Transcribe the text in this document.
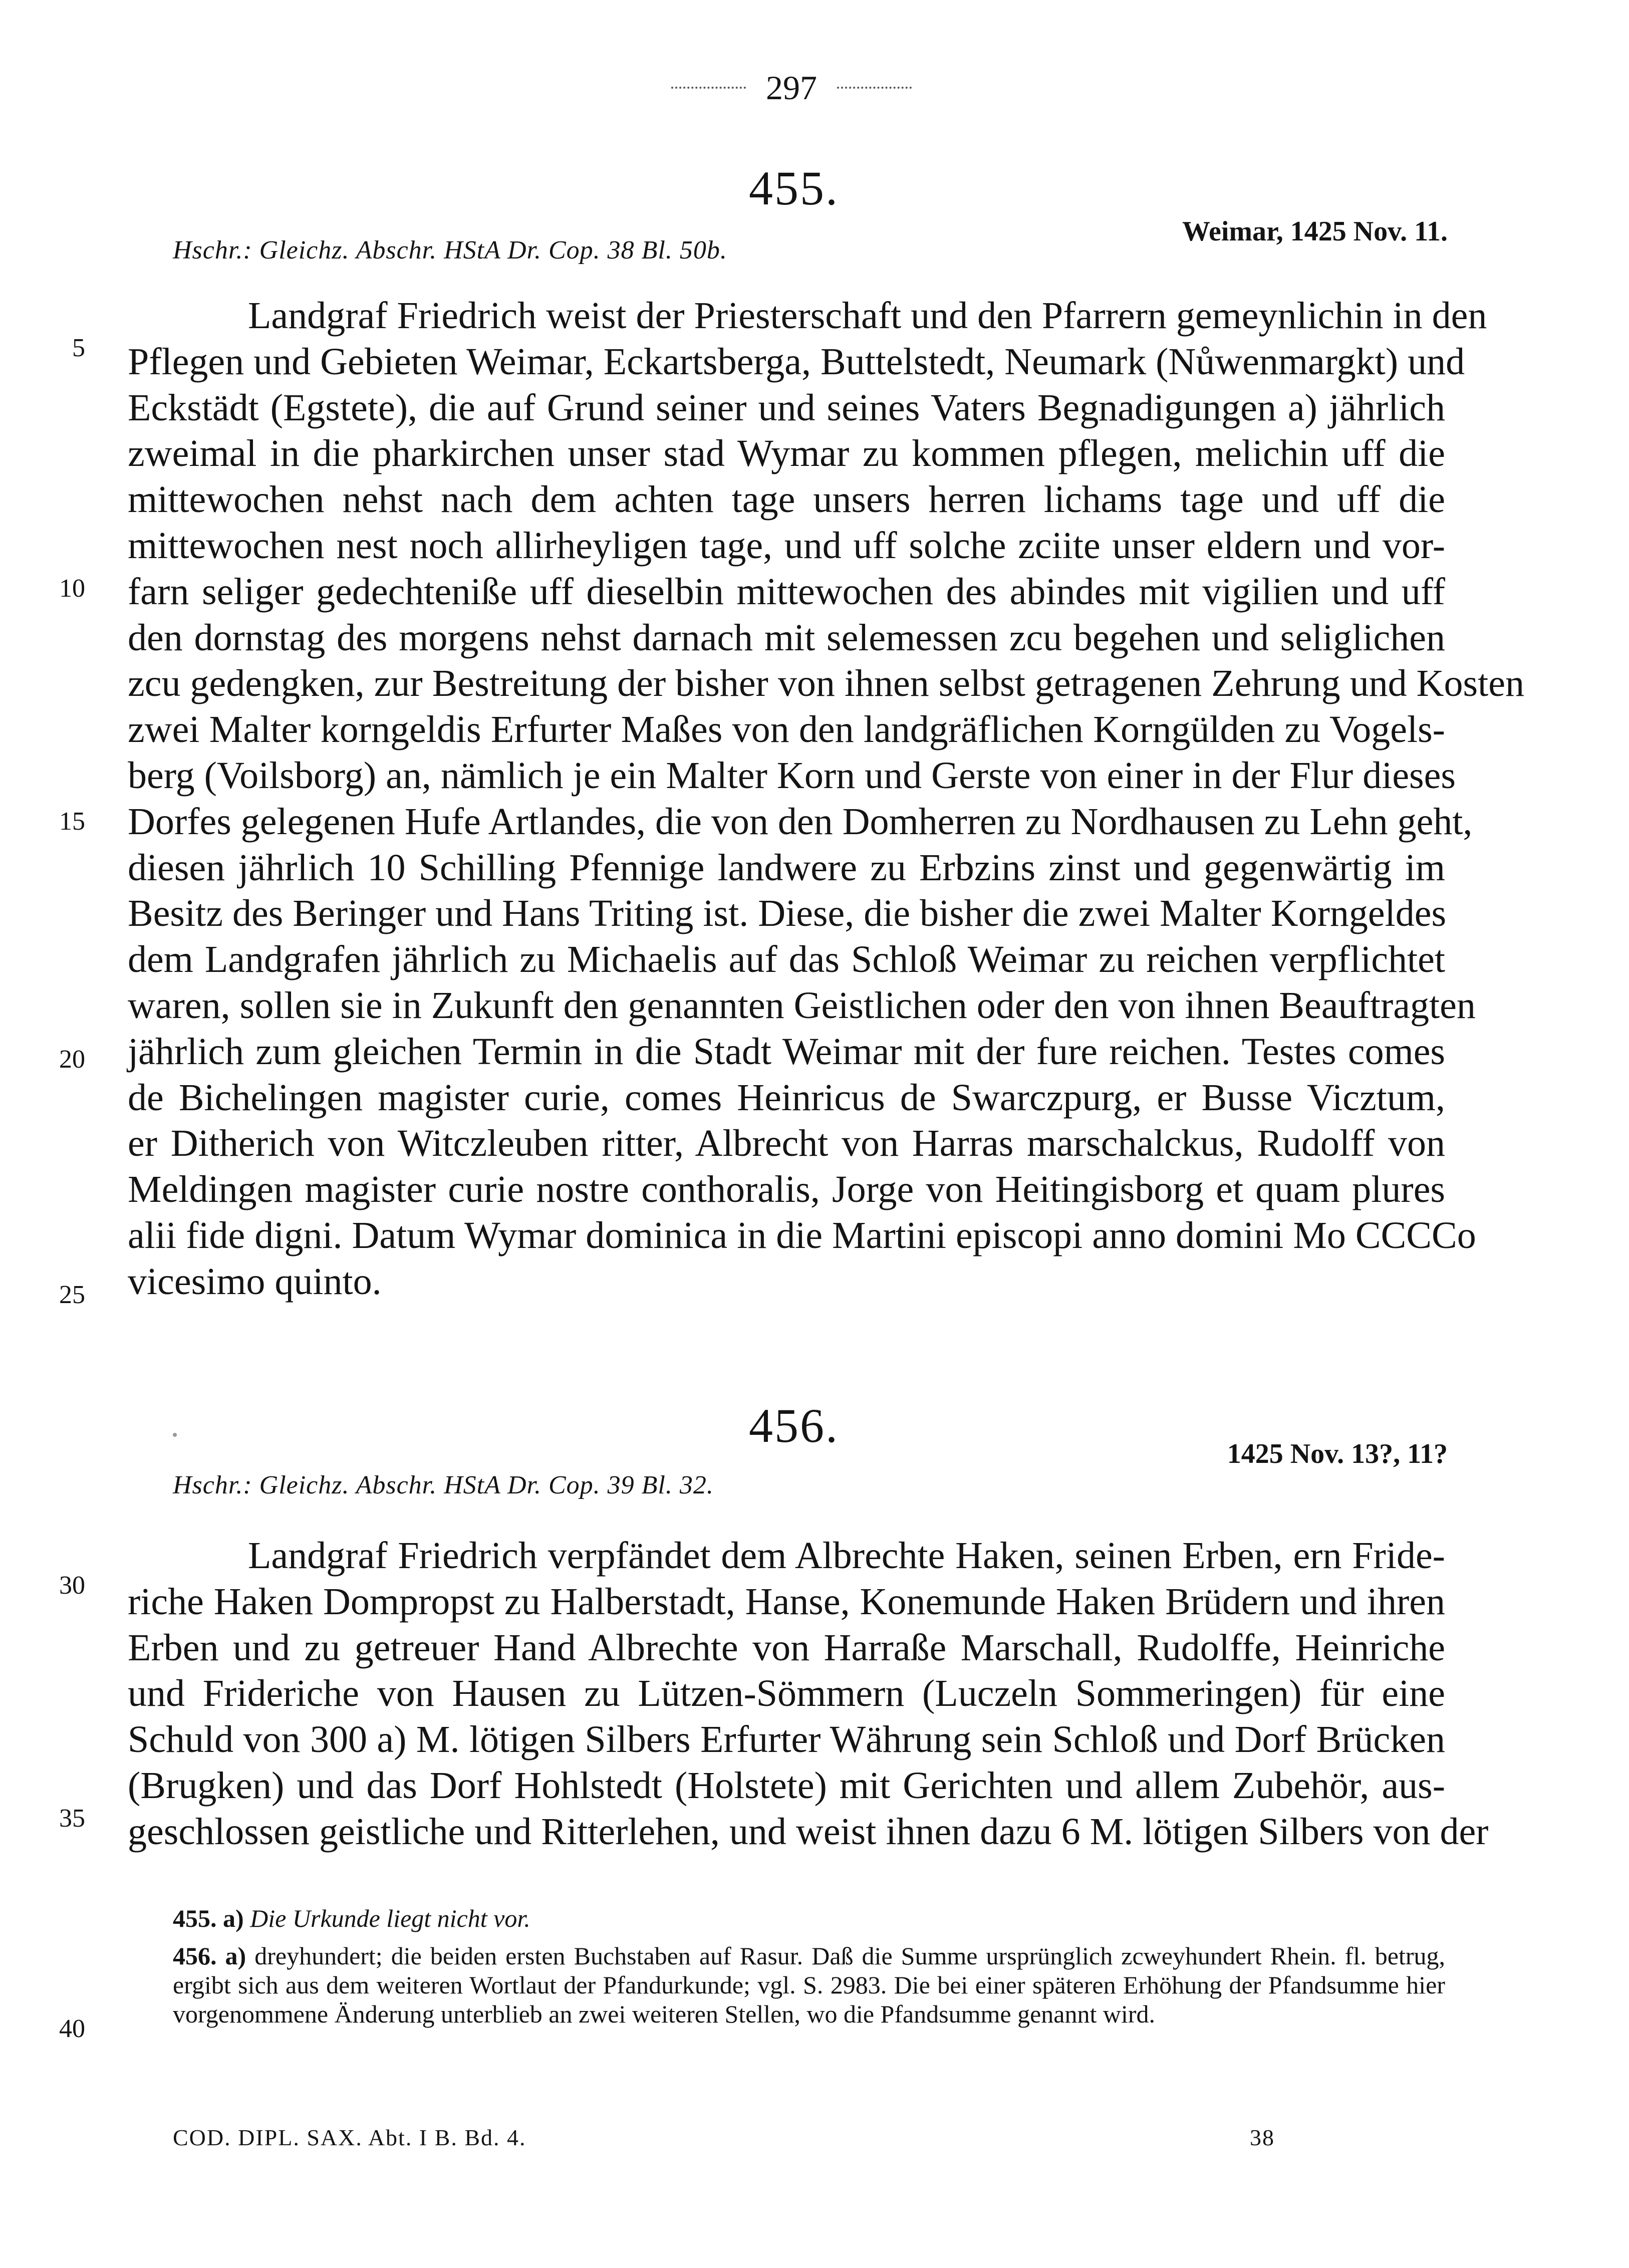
297
455.
Hschr.: Gleichz. Abschr. HStA Dr. Cop. 38 Bl. 50b.
Weimar, 1425 Nov. 11.
Landgraf Friedrich weist der Priesterschaft und den Pfarrern gemeynlichin in den
Pflegen und Gebieten Weimar, Eckartsberga, Buttelstedt, Neumark (Nůwenmargkt) und
Eckstädt (Egstete), die auf Grund seiner und seines Vaters Begnadigungen a) jährlich
zweimal in die pharkirchen unser stad Wymar zu kommen pflegen, melichin uff die
mittewochen nehst nach dem achten tage unsers herren lichams tage und uff die
mittewochen nest noch allirheyligen tage, und uff solche zciite unser eldern und vor-
farn seliger gedechteniße uff dieselbin mittewochen des abindes mit vigilien und uff
den dornstag des morgens nehst darnach mit selemessen zcu begehen und seliglichen
zcu gedengken, zur Bestreitung der bisher von ihnen selbst getragenen Zehrung und Kosten
zwei Malter korngeldis Erfurter Maßes von den landgräflichen Korngülden zu Vogels-
berg (Voilsborg) an, nämlich je ein Malter Korn und Gerste von einer in der Flur dieses
Dorfes gelegenen Hufe Artlandes, die von den Domherren zu Nordhausen zu Lehn geht,
diesen jährlich 10 Schilling Pfennige landwere zu Erbzins zinst und gegenwärtig im
Besitz des Beringer und Hans Triting ist. Diese, die bisher die zwei Malter Korngeldes
dem Landgrafen jährlich zu Michaelis auf das Schloß Weimar zu reichen verpflichtet
waren, sollen sie in Zukunft den genannten Geistlichen oder den von ihnen Beauftragten
jährlich zum gleichen Termin in die Stadt Weimar mit der fure reichen. Testes comes
de Bichelingen magister curie, comes Heinricus de Swarczpurg, er Busse Vicztum,
er Ditherich von Witczleuben ritter, Albrecht von Harras marschalckus, Rudolff von
Meldingen magister curie nostre conthoralis, Jorge von Heitingisborg et quam plures
alii fide digni. Datum Wymar dominica in die Martini episcopi anno domini Mo CCCCo
vicesimo quinto.
456.
1425 Nov. 13?, 11?
Hschr.: Gleichz. Abschr. HStA Dr. Cop. 39 Bl. 32.
Landgraf Friedrich verpfändet dem Albrechte Haken, seinen Erben, ern Fride-
riche Haken Dompropst zu Halberstadt, Hanse, Konemunde Haken Brüdern und ihren
Erben und zu getreuer Hand Albrechte von Harraße Marschall, Rudolffe, Heinriche
und Frideriche von Hausen zu Lützen-Sömmern (Luczeln Sommeringen) für eine
Schuld von 300 a) M. lötigen Silbers Erfurter Währung sein Schloß und Dorf Brücken
(Brugken) und das Dorf Hohlstedt (Holstete) mit Gerichten und allem Zubehör, aus-
geschlossen geistliche und Ritterlehen, und weist ihnen dazu 6 M. lötigen Silbers von der
5
10
15
20
25
30
35
40
455. a) Die Urkunde liegt nicht vor.
456. a) dreyhundert; die beiden ersten Buchstaben auf Rasur. Daß die Summe ursprünglich zcweyhundert Rhein. fl. betrug, ergibt sich aus dem weiteren Wortlaut der Pfandurkunde; vgl. S. 2983. Die bei einer späteren Erhöhung der Pfandsumme hier vorgenommene Änderung unterblieb an zwei weiteren Stellen, wo die Pfandsumme genannt wird.
COD. DIPL. SAX. Abt. I B. Bd. 4.	38
